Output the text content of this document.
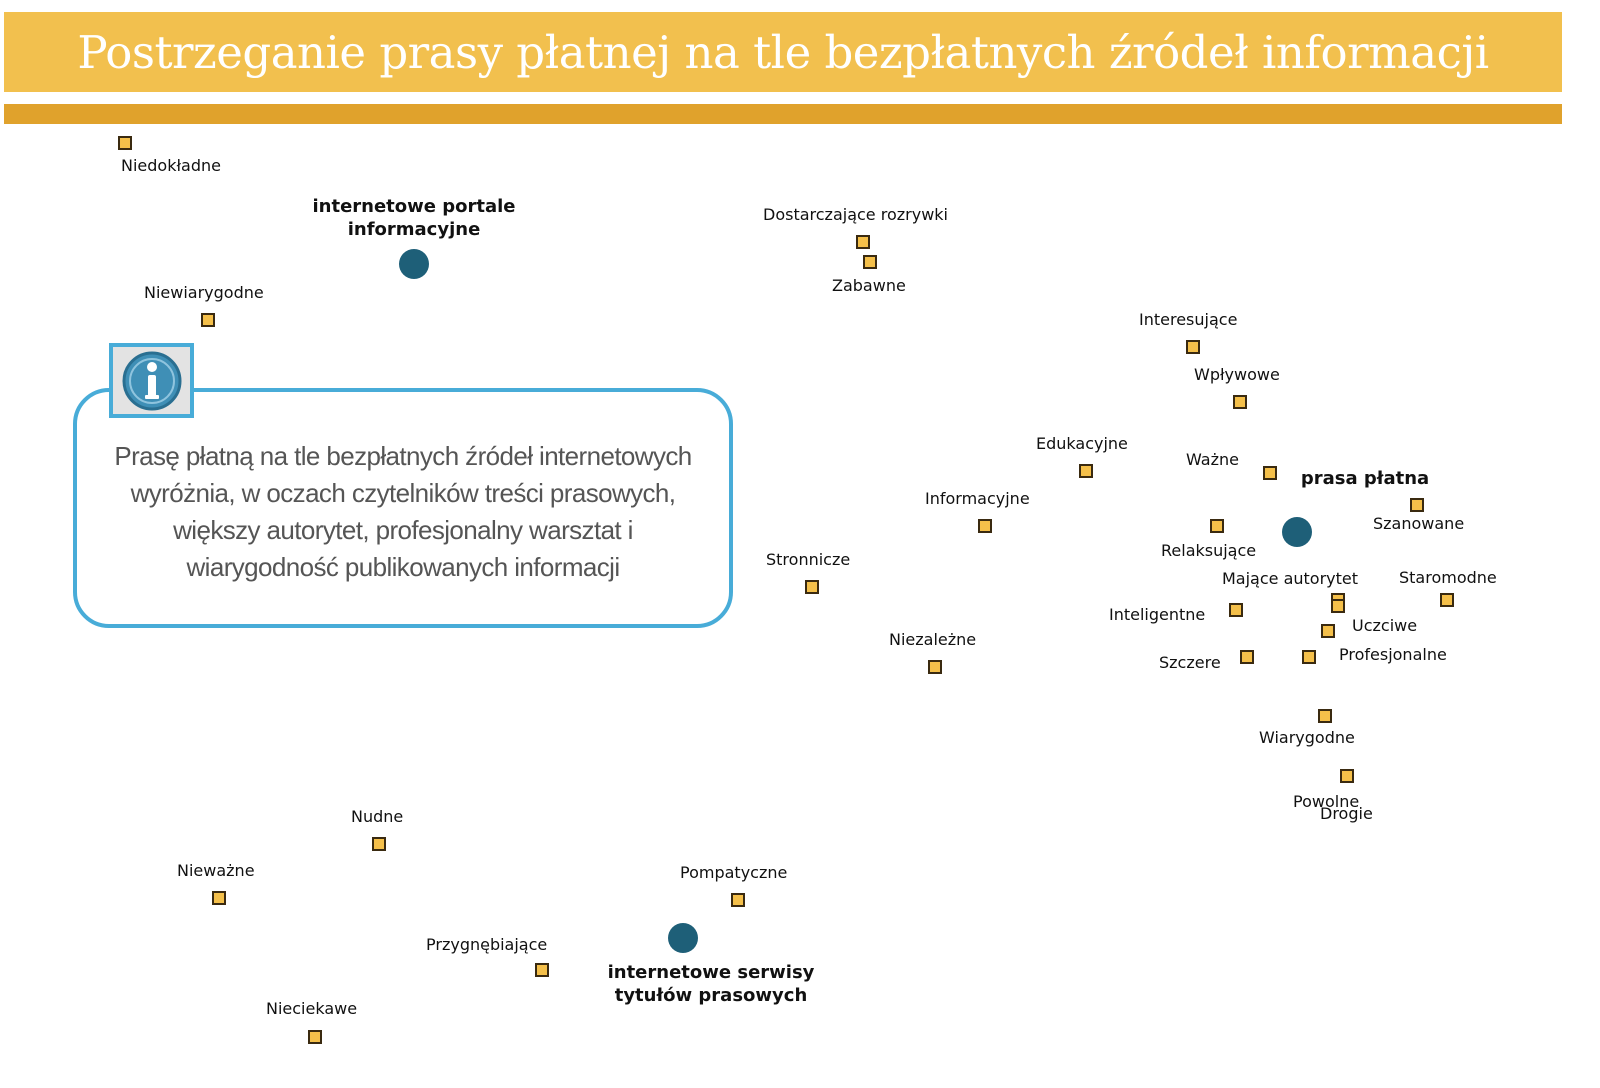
Postrzeganie prasy płatnej na tle bezpłatnych źródeł informacji
internetowe portale
informacyjne
prasa płatna
internetowe serwisy
tytułów prasowych
Niedokładne
Niewiarygodne
Dostarczające rozrywki
Zabawne
Interesujące
Wpływowe
Edukacyjne
Ważne
Informacyjne
Szanowane
Relaksujące
Stronnicze
Mające autorytet	Staromodne
Inteligentne
Uczciwe
Niezależne
Szczere	Profesjonalne
Wiarygodne
Powolne
Drogie
Nudne
Nieważne	Pompatyczne
Przygnębiające
Nieciekawe
Prasę płatną na tle bezpłatnych źródeł internetowych
wyróżnia, w oczach czytelników treści prasowych,
większy autorytet, profesjonalny warsztat i
wiarygodność publikowanych informacji
